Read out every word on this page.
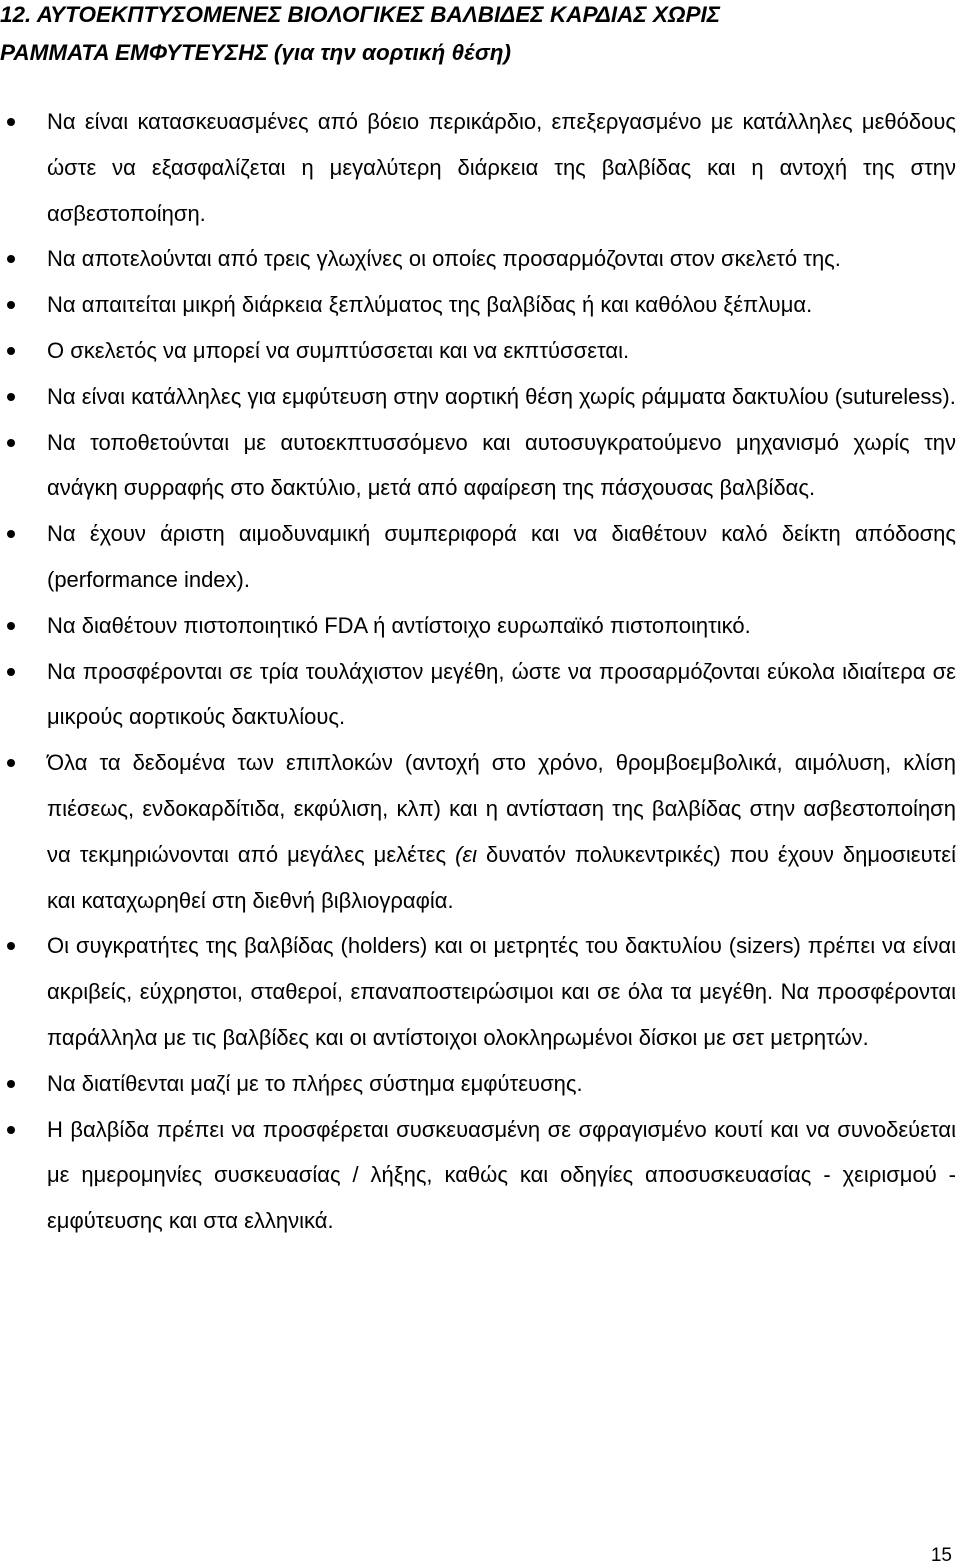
12. ΑΥΤΟΕΚΠΤΥΣΟΜΕΝΕΣ ΒΙΟΛΟΓΙΚΕΣ ΒΑΛΒΙΔΕΣ ΚΑΡΔΙΑΣ ΧΩΡΙΣ
ΡΑΜΜΑΤΑ ΕΜΦΥΤΕΥΣΗΣ (για την αορτική θέση)
Να είναι κατασκευασμένες από βόειο περικάρδιο, επεξεργασμένο με κατάλληλες μεθόδους ώστε να εξασφαλίζεται η μεγαλύτερη διάρκεια της βαλβίδας και η αντοχή της στην ασβεστοποίηση.
Να αποτελούνται από τρεις γλωχίνες οι οποίες προσαρμόζονται στον σκελετό της.
Να απαιτείται μικρή διάρκεια ξεπλύματος της βαλβίδας ή και καθόλου ξέπλυμα.
Ο σκελετός να μπορεί να συμπτύσσεται και να εκπτύσσεται.
Να είναι κατάλληλες για εμφύτευση στην αορτική θέση χωρίς ράμματα δακτυλίου (sutureless).
Να τοποθετούνται με αυτοεκπτυσσόμενο και αυτοσυγκρατούμενο μηχανισμό χωρίς την ανάγκη συρραφής στο δακτύλιο, μετά από αφαίρεση της πάσχουσας βαλβίδας.
Να έχουν άριστη αιμοδυναμική συμπεριφορά και να διαθέτουν καλό δείκτη απόδοσης (performance index).
Να διαθέτουν πιστοποιητικό FDA ή αντίστοιχο ευρωπαϊκό πιστοποιητικό.
Να προσφέρονται σε τρία τουλάχιστον μεγέθη, ώστε να προσαρμόζονται εύκολα ιδιαίτερα σε μικρούς αορτικούς δακτυλίους.
Όλα τα δεδομένα των επιπλοκών (αντοχή στο χρόνο, θρομβοεμβολικά, αιμόλυση, κλίση πιέσεως, ενδοκαρδίτιδα, εκφύλιση, κλπ) και η αντίσταση της βαλβίδας στην ασβεστοποίηση να τεκμηριώνονται από μεγάλες μελέτες (ει δυνατόν πολυκεντρικές) που έχουν δημοσιευτεί και καταχωρηθεί στη διεθνή βιβλιογραφία.
Οι συγκρατήτες της βαλβίδας (holders) και οι μετρητές του δακτυλίου (sizers) πρέπει να είναι ακριβείς, εύχρηστοι, σταθεροί, επαναποστειρώσιμοι και σε όλα τα μεγέθη. Να προσφέρονται παράλληλα με τις βαλβίδες και οι αντίστοιχοι ολοκληρωμένοι δίσκοι με σετ μετρητών.
Να διατίθενται μαζί με το πλήρες σύστημα εμφύτευσης.
Η βαλβίδα πρέπει να προσφέρεται συσκευασμένη σε σφραγισμένο κουτί και να συνοδεύεται με ημερομηνίες συσκευασίας / λήξης, καθώς και οδηγίες αποσυσκευασίας - χειρισμού - εμφύτευσης και στα ελληνικά.

15
